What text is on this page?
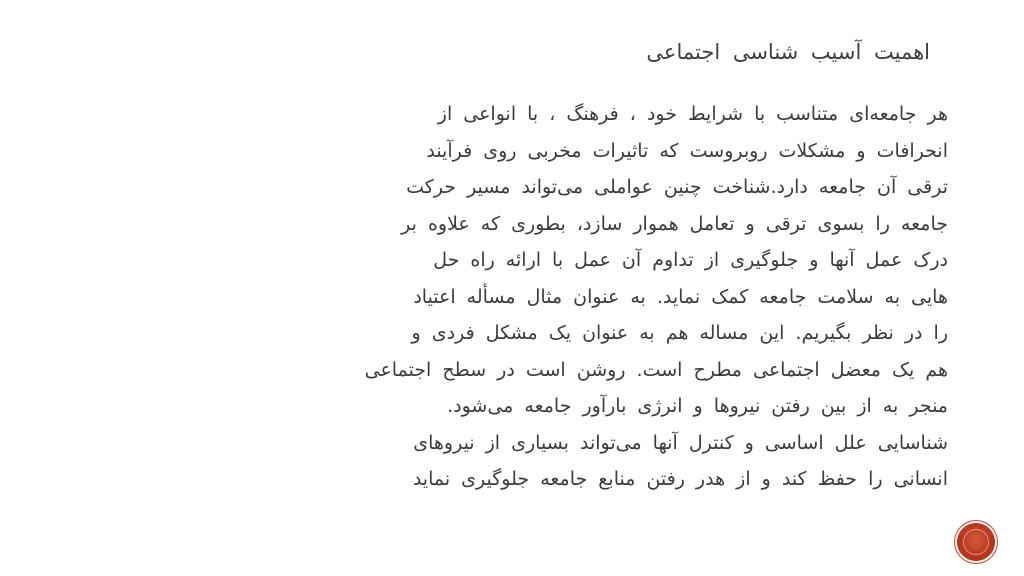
اهمیت آسیب شناسی اجتماعی
هر جامعه‌ای متناسب با شرایط خود ، فرهنگ ، با انواعی از
انحرافات و مشکلات روبروست که تاثیرات مخربی روی فرآیند
ترقی آن جامعه دارد.شناخت چنین عواملی می‌تواند مسیر حرکت
جامعه را بسوی ترقی و تعامل هموار سازد، بطوری که علاوه بر
درک عمل آنها و جلوگیری از تداوم آن عمل با ارائه راه حل
هایی به سلامت جامعه کمک نماید. به عنوان مثال مسأله اعتیاد
را در نظر بگیریم. این مساله هم به عنوان یک مشکل فردی و
هم یک معضل اجتماعی مطرح است. روشن است در سطح اجتماعی
منجر به از بین رفتن نیروها و انرژی بارآور جامعه می‌شود.
شناسایی علل اساسی و کنترل آنها می‌تواند بسیاری از نیروهای
انسانی را حفظ کند و از هدر رفتن منابع جامعه جلوگیری نماید
